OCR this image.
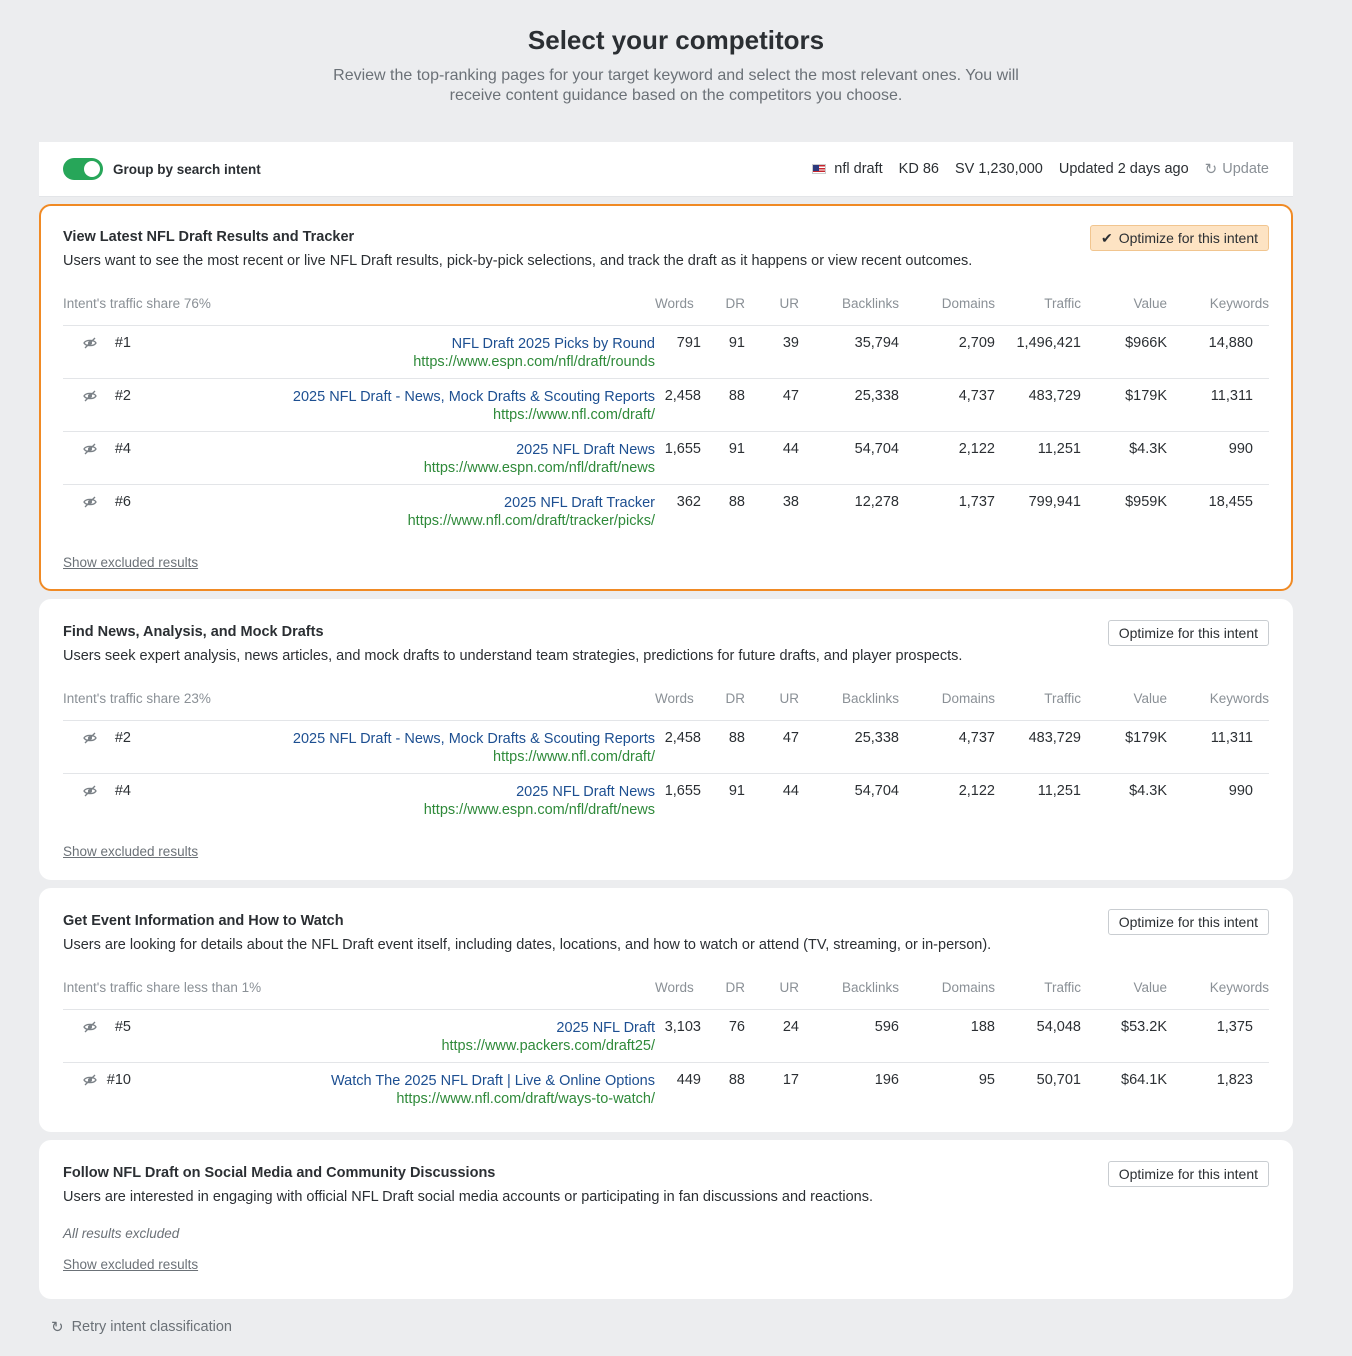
Select your competitors
Review the top-ranking pages for your target keyword and select the most relevant ones. You will receive content guidance based on the competitors you choose.
Group by search intent	nfl draft KD 86 SV 1,230,000 Updated 2 days ago ↻ Update
View Latest NFL Draft Results and Tracker
Users want to see the most recent or live NFL Draft results, pick-by-pick selections, and track the draft as it happens or view recent outcomes.
✔ Optimize for this intent
Intent's traffic share 76%			Words	DR	UR	Backlinks	Domains	Traffic	Value	Keywords
	#1	NFL Draft 2025 Picks by Round
https://www.espn.com/nfl/draft/rounds	791	91	39	35,794	2,709	1,496,421	$966K	14,880
	#2	2025 NFL Draft - News, Mock Drafts & Scouting Reports
https://www.nfl.com/draft/	2,458	88	47	25,338	4,737	483,729	$179K	11,311
	#4	2025 NFL Draft News
https://www.espn.com/nfl/draft/news	1,655	91	44	54,704	2,122	11,251	$4.3K	990
	#6	2025 NFL Draft Tracker
https://www.nfl.com/draft/tracker/picks/	362	88	38	12,278	1,737	799,941	$959K	18,455
Show excluded results
Find News, Analysis, and Mock Drafts
Users seek expert analysis, news articles, and mock drafts to understand team strategies, predictions for future drafts, and player prospects.
Optimize for this intent
Intent's traffic share 23%			Words	DR	UR	Backlinks	Domains	Traffic	Value	Keywords
	#2	2025 NFL Draft - News, Mock Drafts & Scouting Reports
https://www.nfl.com/draft/	2,458	88	47	25,338	4,737	483,729	$179K	11,311
	#4	2025 NFL Draft News
https://www.espn.com/nfl/draft/news	1,655	91	44	54,704	2,122	11,251	$4.3K	990
Show excluded results
Get Event Information and How to Watch
Users are looking for details about the NFL Draft event itself, including dates, locations, and how to watch or attend (TV, streaming, or in-person).
Optimize for this intent
Intent's traffic share less than 1%			Words	DR	UR	Backlinks	Domains	Traffic	Value	Keywords
	#5	2025 NFL Draft
https://www.packers.com/draft25/	3,103	76	24	596	188	54,048	$53.2K	1,375
	#10	Watch The 2025 NFL Draft | Live & Online Options
https://www.nfl.com/draft/ways-to-watch/	449	88	17	196	95	50,701	$64.1K	1,823
Follow NFL Draft on Social Media and Community Discussions
Users are interested in engaging with official NFL Draft social media accounts or participating in fan discussions and reactions.
Optimize for this intent
All results excluded
Show excluded results
↻ Retry intent classification
